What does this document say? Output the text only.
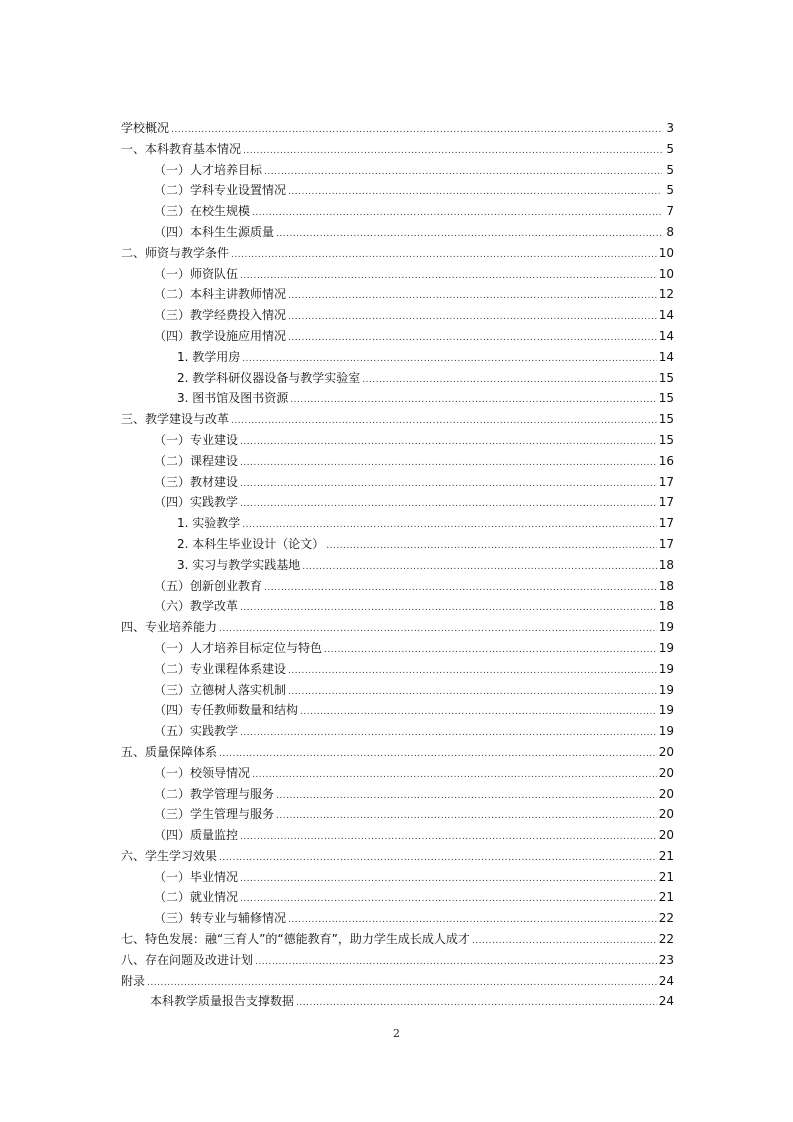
学校概况 .....	3
一、本科教育基本情况 .....	5
（一）人才培养目标 .....	5
（二）学科专业设置情况 .....	5
（三）在校生规模 .....	7
（四）本科生生源质量 .....	8
二、师资与教学条件 .....	10
（一）师资队伍 .....	10
（二）本科主讲教师情况 .....	12
（三）教学经费投入情况 .....	14
（四）教学设施应用情况 .....	14
1. 教学用房 .....	14
2. 教学科研仪器设备与教学实验室 .....	15
3. 图书馆及图书资源 .....	15
三、教学建设与改革 .....	15
（一）专业建设 .....	15
（二）课程建设 .....	16
（三）教材建设 .....	17
（四）实践教学 .....	17
1. 实验教学 .....	17
2. 本科生毕业设计（论文） .....	17
3. 实习与教学实践基地 .....	18
（五）创新创业教育 .....	18
（六）教学改革 .....	18
四、专业培养能力 .....	19
（一）人才培养目标定位与特色 .....	19
（二）专业课程体系建设 .....	19
（三）立德树人落实机制 .....	19
（四）专任教师数量和结构 .....	19
（五）实践教学 .....	19
五、质量保障体系 .....	20
（一）校领导情况 .....	20
（二）教学管理与服务 .....	20
（三）学生管理与服务 .....	20
（四）质量监控 .....	20
六、学生学习效果 .....	21
（一）毕业情况 .....	21
（二）就业情况 .....	21
（三）转专业与辅修情况 .....	22
七、特色发展：融“三育人”的“德能教育”，助力学生成长成人成才 .....	22
八、存在问题及改进计划 .....	23
附录 .....	24
本科教学质量报告支撑数据 .....	24
2
